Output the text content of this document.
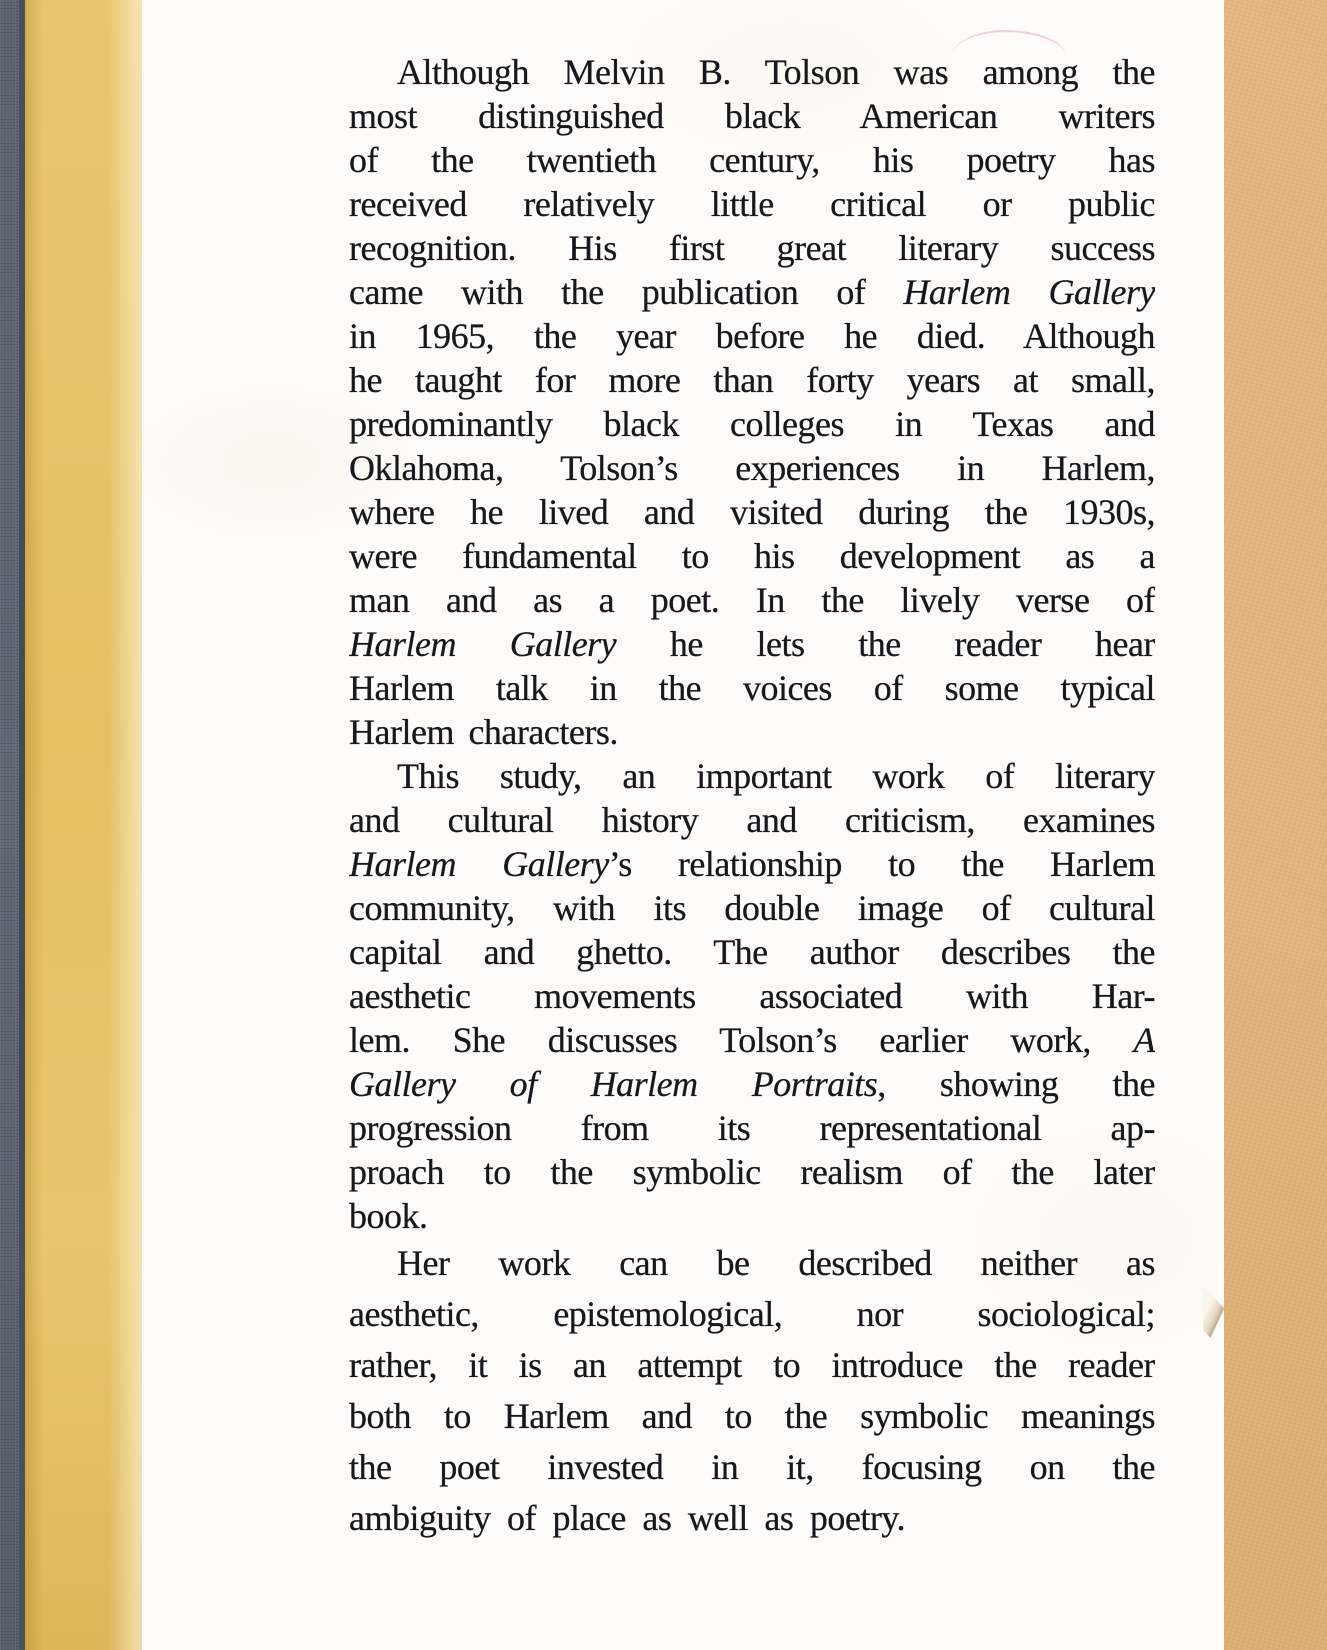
Although Melvin B. Tolson was among the
most distinguished black American writers
of the twentieth century, his poetry has
received relatively little critical or public
recognition. His first great literary success
came with the publication of Harlem Gallery
in 1965, the year before he died. Although
he taught for more than forty years at small,
predominantly black colleges in Texas and
Oklahoma, Tolson’s experiences in Harlem,
where he lived and visited during the 1930s,
were fundamental to his development as a
man and as a poet. In the lively verse of
Harlem Gallery he lets the reader hear
Harlem talk in the voices of some typical
Harlem characters.
This study, an important work of literary
and cultural history and criticism, examines
Harlem Gallery’s relationship to the Harlem
community, with its double image of cultural
capital and ghetto. The author describes the
aesthetic movements associated with Har-
lem. She discusses Tolson’s earlier work, A
Gallery of Harlem Portraits, showing the
progression from its representational ap-
proach to the symbolic realism of the later
book.
Her work can be described neither as
aesthetic, epistemological, nor sociological;
rather, it is an attempt to introduce the reader
both to Harlem and to the symbolic meanings
the poet invested in it, focusing on the
ambiguity of place as well as poetry.
